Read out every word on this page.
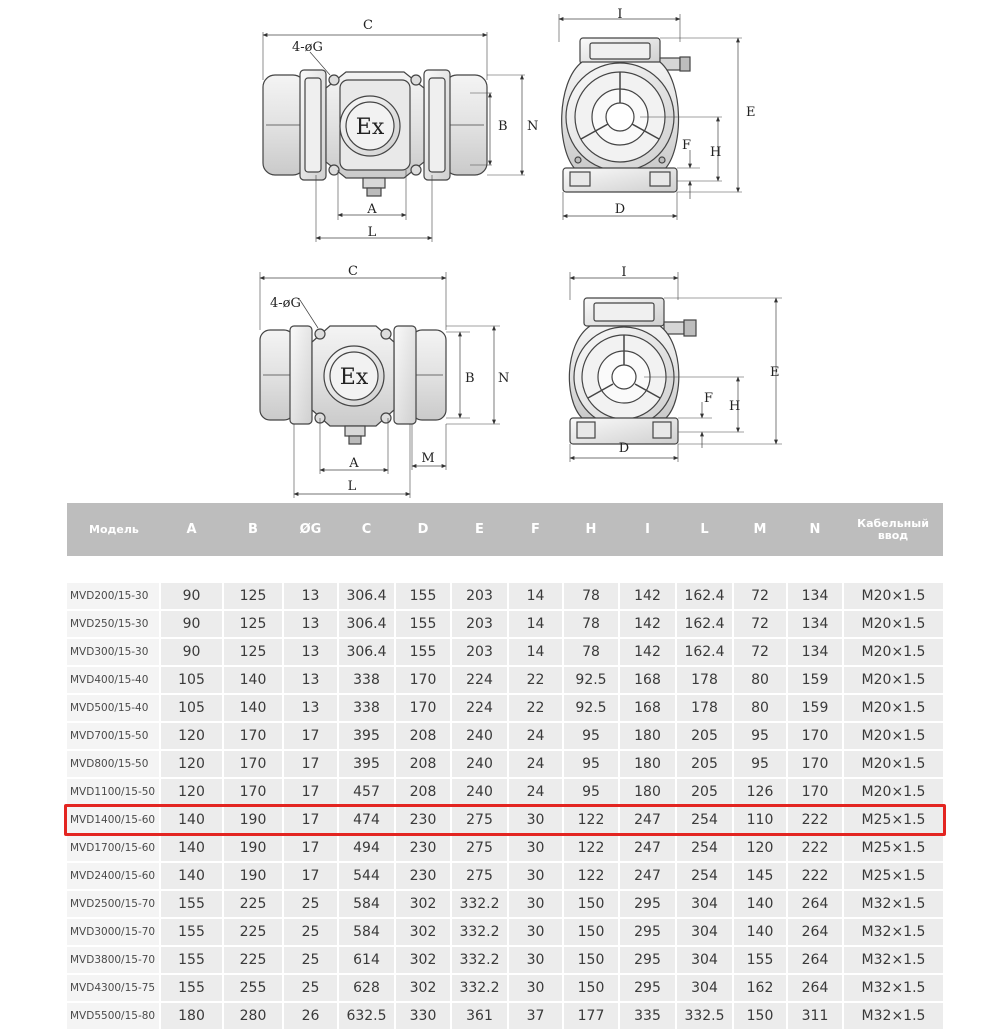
C
4-øG
Ex	B N
A
L
I
E
F H
D
C
4-øG
Ex	B N
A
L
M
I
E
F
H
D
Модель	A	B	ØG	C	D	E	F	H	I	L	M	N	Кабельный
ввод

MVD200/15-30	90	125	13	306.4	155	203	14	78	142	162.4	72	134	M20×1.5
MVD250/15-30	90	125	13	306.4	155	203	14	78	142	162.4	72	134	M20×1.5
MVD300/15-30	90	125	13	306.4	155	203	14	78	142	162.4	72	134	M20×1.5
MVD400/15-40	105	140	13	338	170	224	22	92.5	168	178	80	159	M20×1.5
MVD500/15-40	105	140	13	338	170	224	22	92.5	168	178	80	159	M20×1.5
MVD700/15-50	120	170	17	395	208	240	24	95	180	205	95	170	M20×1.5
MVD800/15-50	120	170	17	395	208	240	24	95	180	205	95	170	M20×1.5
MVD1100/15-50	120	170	17	457	208	240	24	95	180	205	126	170	M20×1.5
MVD1400/15-60	140	190	17	474	230	275	30	122	247	254	110	222	M25×1.5
MVD1700/15-60	140	190	17	494	230	275	30	122	247	254	120	222	M25×1.5
MVD2400/15-60	140	190	17	544	230	275	30	122	247	254	145	222	M25×1.5
MVD2500/15-70	155	225	25	584	302	332.2	30	150	295	304	140	264	M32×1.5
MVD3000/15-70	155	225	25	584	302	332.2	30	150	295	304	140	264	M32×1.5
MVD3800/15-70	155	225	25	614	302	332.2	30	150	295	304	155	264	M32×1.5
MVD4300/15-75	155	255	25	628	302	332.2	30	150	295	304	162	264	M32×1.5
MVD5500/15-80	180	280	26	632.5	330	361	37	177	335	332.5	150	311	M32×1.5
